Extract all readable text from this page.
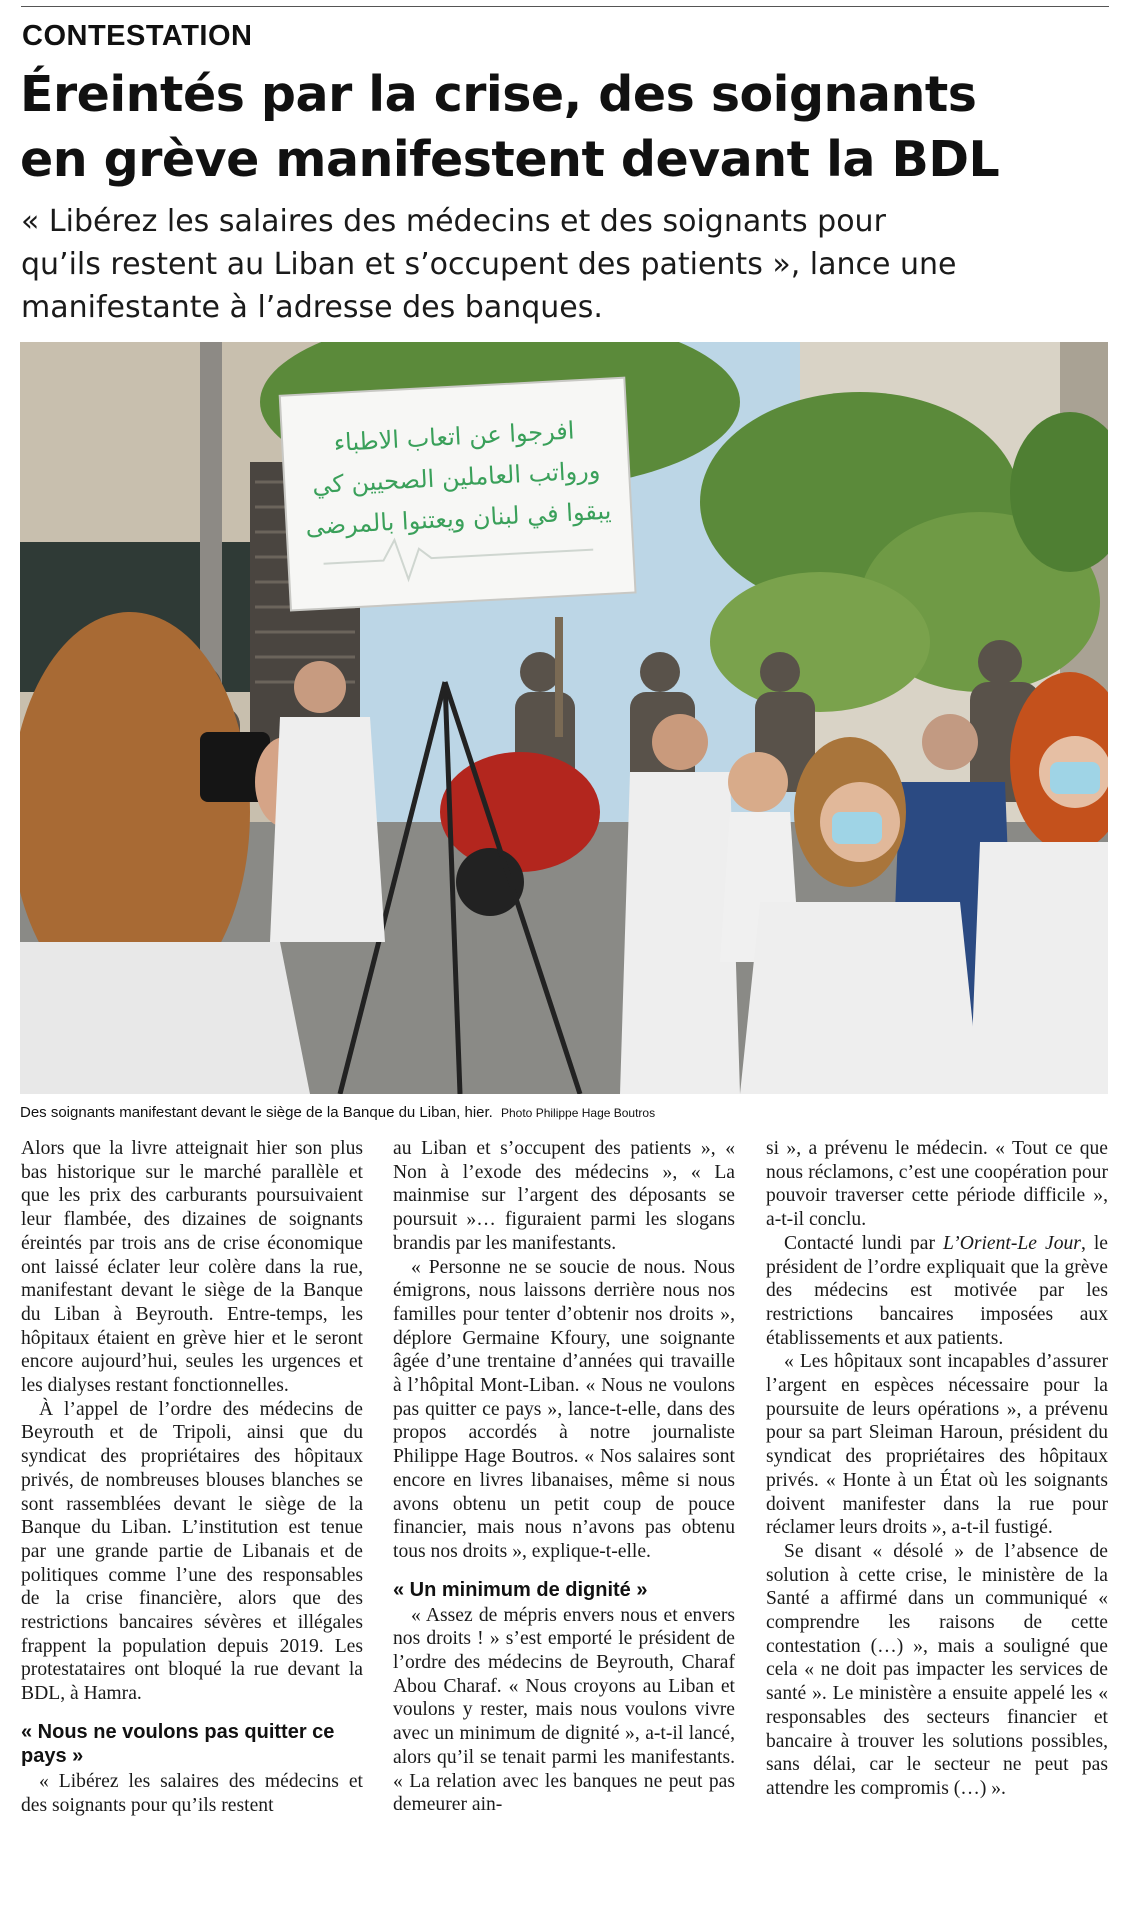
CONTESTATION
Éreintés par la crise, des soignants
en grève manifestent devant la BDL
« Libérez les salaires des médecins et des soignants pour
qu’ils restent au Liban et s’occupent des patients », lance une
manifestante à l’adresse des banques.
افرجوا عن اتعاب الاطباء
ورواتب العاملين الصحيين كي
يبقوا في لبنان ويعتنوا بالمرضى
Des soignants manifestant devant le siège de la Banque du Liban, hier. Photo Philippe Hage Boutros

Alors que la livre atteignait hier son plus bas historique sur le marché parallèle et que les prix des carburants poursuivaient leur flambée, des dizaines de soignants éreintés par trois ans de crise économique ont laissé éclater leur colère dans la rue, manifestant devant le siège de la Banque du Liban à Beyrouth. Entre-temps, les hôpitaux étaient en grève hier et le seront encore aujourd’hui, seules les urgences et les dialyses restant fonctionnelles.

À l’appel de l’ordre des médecins de Beyrouth et de Tripoli, ainsi que du syndicat des propriétaires des hôpitaux privés, de nombreuses blouses blanches se sont rassemblées devant le siège de la Banque du Liban. L’institution est tenue par une grande partie de Libanais et de politiques comme l’une des responsables de la crise financière, alors que des restrictions bancaires sévères et illégales frappent la population depuis 2019. Les protestataires ont bloqué la rue devant la BDL, à Hamra.

« Nous ne voulons pas quitter ce pays »

« Libérez les salaires des médecins et des soignants pour qu’ils restent

au Liban et s’occupent des patients », « Non à l’exode des médecins », « La mainmise sur l’argent des déposants se poursuit »… figuraient parmi les slogans brandis par les manifestants.

« Personne ne se soucie de nous. Nous émigrons, nous laissons derrière nous nos familles pour tenter d’obtenir nos droits », déplore Germaine Kfoury, une soignante âgée d’une trentaine d’années qui travaille à l’hôpital Mont-Liban. « Nous ne voulons pas quitter ce pays », lance-t-elle, dans des propos accordés à notre journaliste Philippe Hage Boutros. « Nos salaires sont encore en livres libanaises, même si nous avons obtenu un petit coup de pouce financier, mais nous n’avons pas obtenu tous nos droits », explique-t-elle.

« Un minimum de dignité »

« Assez de mépris envers nous et envers nos droits ! » s’est emporté le président de l’ordre des médecins de Beyrouth, Charaf Abou Charaf. « Nous croyons au Liban et voulons y rester, mais nous voulons vivre avec un minimum de dignité », a-t-il lancé, alors qu’il se tenait parmi les manifestants. « La relation avec les banques ne peut pas demeurer ain-

si », a prévenu le médecin. « Tout ce que nous réclamons, c’est une coopération pour pouvoir traverser cette période difficile », a-t-il conclu.

Contacté lundi par L’Orient-Le Jour, le président de l’ordre expliquait que la grève des médecins est motivée par les restrictions bancaires imposées aux établissements et aux patients.

« Les hôpitaux sont incapables d’assurer l’argent en espèces nécessaire pour la poursuite de leurs opérations », a prévenu pour sa part Sleiman Haroun, président du syndicat des propriétaires des hôpitaux privés. « Honte à un État où les soignants doivent manifester dans la rue pour réclamer leurs droits », a-t-il fustigé.

Se disant « désolé » de l’absence de solution à cette crise, le ministère de la Santé a affirmé dans un communiqué « comprendre les raisons de cette contestation (…) », mais a souligné que cela « ne doit pas impacter les services de santé ». Le ministère a ensuite appelé les « responsables des secteurs financier et bancaire à trouver les solutions possibles, sans délai, car le secteur ne peut pas attendre les compromis (…) ».
